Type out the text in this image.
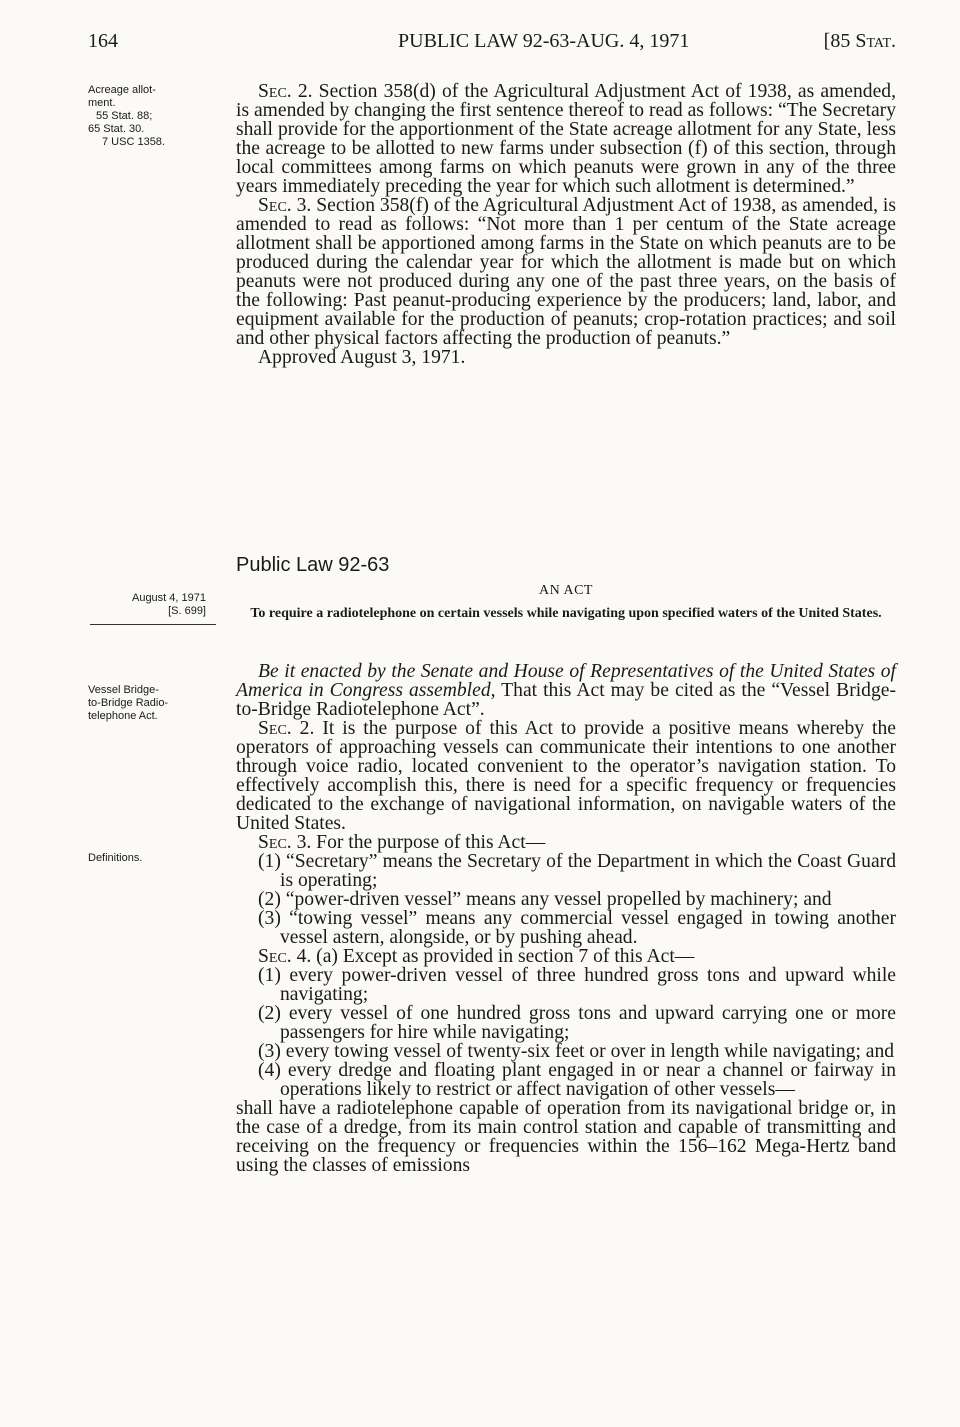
164	PUBLIC LAW 92-63-AUG. 4, 1971	[85 Stat.
Acreage allot-
ment.
55 Stat. 88;
65 Stat. 30.
7 USC 1358.
August 4, 1971
[S. 699]
Vessel Bridge-
to-Bridge Radio-
telephone Act.
Definitions.

Sec. 2. Section 358(d) of the Agricultural Adjustment Act of 1938, as amended, is amended by changing the first sentence thereof to read as follows: “The Secretary shall provide for the apportionment of the State acreage allotment for any State, less the acreage to be allotted to new farms under subsection (f) of this section, through local committees among farms on which peanuts were grown in any of the three years immediately preceding the year for which such allotment is determined.”

Sec. 3. Section 358(f) of the Agricultural Adjustment Act of 1938, as amended, is amended to read as follows: “Not more than 1 per centum of the State acreage allotment shall be apportioned among farms in the State on which peanuts are to be produced during the calendar year for which the allotment is made but on which peanuts were not produced during any one of the past three years, on the basis of the following: Past peanut-producing experience by the producers; land, labor, and equipment available for the production of peanuts; crop-rotation practices; and soil and other physical factors affecting the production of peanuts.”

Approved August 3, 1971.

Public Law 92-63
AN ACT
To require a radiotelephone on certain vessels while navigating upon specified waters of the United States.

Be it enacted by the Senate and House of Representatives of the United States of America in Congress assembled, That this Act may be cited as the “Vessel Bridge-to-Bridge Radiotelephone Act”.

Sec. 2. It is the purpose of this Act to provide a positive means whereby the operators of approaching vessels can communicate their intentions to one another through voice radio, located convenient to the operator’s navigation station. To effectively accomplish this, there is need for a specific frequency or frequencies dedicated to the exchange of navigational information, on navigable waters of the United States.

Sec. 3. For the purpose of this Act—

(1) “Secretary” means the Secretary of the Department in which the Coast Guard is operating;

(2) “power-driven vessel” means any vessel propelled by machinery; and

(3) “towing vessel” means any commercial vessel engaged in towing another vessel astern, alongside, or by pushing ahead.

Sec. 4. (a) Except as provided in section 7 of this Act—

(1) every power-driven vessel of three hundred gross tons and upward while navigating;

(2) every vessel of one hundred gross tons and upward carrying one or more passengers for hire while navigating;

(3) every towing vessel of twenty-six feet or over in length while navigating; and

(4) every dredge and floating plant engaged in or near a channel or fairway in operations likely to restrict or affect navigation of other vessels—

shall have a radiotelephone capable of operation from its navigational bridge or, in the case of a dredge, from its main control station and capable of transmitting and receiving on the frequency or frequencies within the 156–162 Mega-Hertz band using the classes of emissions
